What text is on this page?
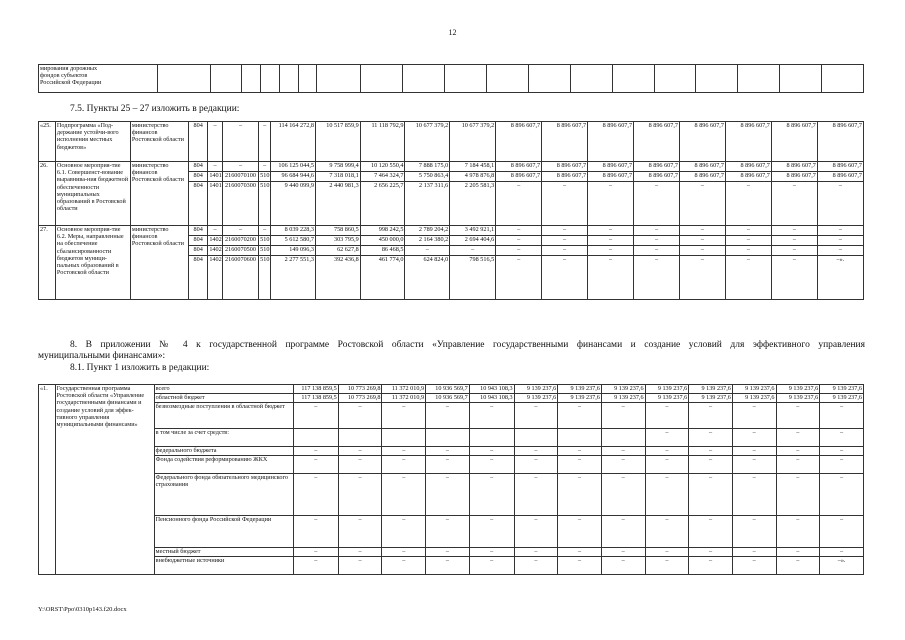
12
мирования дорожных
фондов субъектов
Российской Федерации																			
7.5. Пункты 25 – 27 изложить в редакции:
«25.	Подпрограмма «Под-держание устойчи-вого исполнения местных бюджетов»	министерство финансов Ростовской области	804	–	–	–	114 164 272,8	10 517 859,9	11 118 792,9	10 677 379,2	10 677 379,2	8 896 607,7	8 896 607,7	8 896 607,7	8 896 607,7	8 896 607,7	8 896 607,7	8 896 607,7	8 896 607,7
26.	Основное мероприя-тие 6.1. Совершенст-вование выравнива-ния бюджетной обеспеченности муниципальных образований в Ростовской области	министерство финансов Ростовской области	804	–	–	–	106 125 044,5	9 758 999,4	10 120 550,4	7 888 175,0	7 184 458,1	8 896 607,7	8 896 607,7	8 896 607,7	8 896 607,7	8 896 607,7	8 896 607,7	8 896 607,7	8 896 607,7
			804	1401	2160070100	510	96 684 944,6	7 318 018,1	7 464 324,7	5 750 863,4	4 978 876,8	8 896 607,7	8 896 607,7	8 896 607,7	8 896 607,7	8 896 607,7	8 896 607,7	8 896 607,7	8 896 607,7
			804	1401	2160070300	510	9 440 099,9	2 440 981,3	2 656 225,7	2 137 311,6	2 205 581,3	–	–	–	–	–	–	–	–
27.	Основное мероприя-тие 6.2. Меры, направленные на обеспечение сбалансированности бюджетов муници-пальных образований в Ростовской области	министерство финансов Ростовской области	804	–	–	–	8 039 228,3	758 860,5	998 242,5	2 789 204,2	3 492 921,1	–	–	–	–	–	–	–	–
			804	1402	2160070200	510	5 612 580,7	303 795,9	450 000,0	2 164 380,2	2 694 404,6	–	–	–	–	–	–	–	–
			804	1402	2160070500	510	149 096,3	62 627,8	86 468,5	–	–	–	–	–	–	–	–	–	–
			804	1402	2160070600	510	2 277 551,3	392 436,8	461 774,0	624 824,0	798 516,5	–	–	–	–	–	–	–	–».
8. В приложении № 4 к государственной программе Ростовской области «Управление государственными финансами и создание условий для эффективного управления
муниципальными финансами»:
8.1. Пункт 1 изложить в редакции:
«1.	Государственная программа Ростовской области «Управление государственными финансами и создание условий для эффек-тивного управления муниципальными финансами»	всего	117 138 859,5	10 773 269,8	11 372 010,9	10 936 569,7	10 943 108,3	9 139 237,6	9 139 237,6	9 139 237,6	9 139 237,6	9 139 237,6	9 139 237,6	9 139 237,6	9 139 237,6
		областной бюджет	117 138 859,5	10 773 269,8	11 372 010,9	10 936 569,7	10 943 108,3	9 139 237,6	9 139 237,6	9 139 237,6	9 139 237,6	9 139 237,6	9 139 237,6	9 139 237,6	9 139 237,6
		безвозмездные поступления в областной бюджет	–	–	–	–	–	–	–	–	–	–	–	–	–
		в том числе за счет средств:									–	–	–	–	–
		федерального бюджета	–	–	–	–	–	–	–	–	–	–	–	–	–
		Фонда содействия реформированию ЖКХ	–	–	–	–	–	–	–	–	–	–	–	–	–
		Федерального фонда обязательного медицинского страхования	–	–	–	–	–	–	–	–	–	–	–	–	–
		Пенсионного фонда Российской Федерации	–	–	–	–	–	–	–	–	–	–	–	–	–
		местный бюджет	–	–	–	–	–	–	–	–	–	–	–	–	–
		внебюджетные источники	–	–	–	–	–	–	–	–	–	–	–	–	–».
Y:\ORST\Ppo\0310p143.f20.docx
